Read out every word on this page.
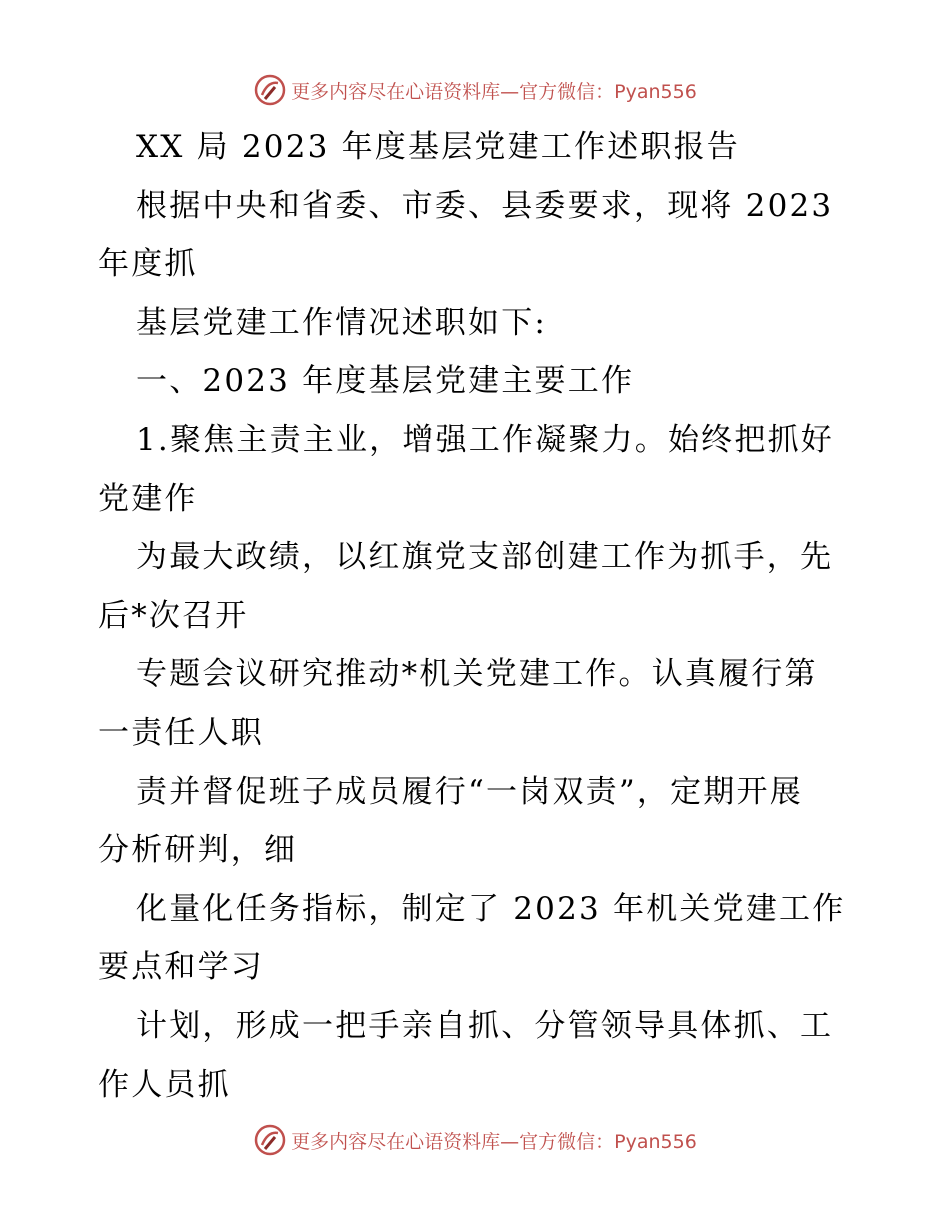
更多内容尽在心语资料库—官方微信：Pyan556
XX 局 2023 年度基层党建工作述职报告
根据中央和省委、市委、县委要求，现将 2023
年度抓
基层党建工作情况述职如下:
一、2023 年度基层党建主要工作
1.聚焦主责主业，增强工作凝聚力。始终把抓好
党建作
为最大政绩，以红旗党支部创建工作为抓手，先
后*次召开
专题会议研究推动*机关党建工作。认真履行第
一责任人职
责并督促班子成员履行“一岗双责”，定期开展
分析研判，细
化量化任务指标，制定了 2023 年机关党建工作
要点和学习
计划，形成一把手亲自抓、分管领导具体抓、工
作人员抓
更多内容尽在心语资料库—官方微信：Pyan556
